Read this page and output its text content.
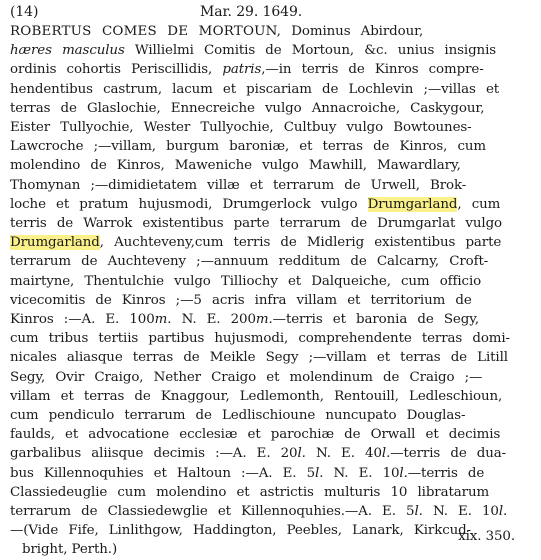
(14)	Mar. 29. 1649.
ROBERTUS COMES DE MORTOUN, Dominus Abirdour,
hæres masculus Willielmi Comitis de Mortoun, &c. unius insignis
ordinis cohortis Periscillidis, patris,—in terris de Kinros compre-
hendentibus castrum, lacum et piscariam de Lochlevin ;—villas et
terras de Glaslochie, Ennecreiche vulgo Annacroiche, Caskygour,
Eister Tullyochie, Wester Tullyochie, Cultbuy vulgo Bowtounes-
Lawcroche ;—villam, burgum baroniæ, et terras de Kinros, cum
molendino de Kinros, Maweniche vulgo Mawhill, Mawardlary,
Thomynan ;—dimidietatem villæ et terrarum de Urwell, Brok-
loche et pratum hujusmodi, Drumgerlock vulgo Drumgarland, cum
terris de Warrok existentibus parte terrarum de Drumgarlat vulgo
Drumgarland, Auchteveny,cum terris de Midlerig existentibus parte
terrarum de Auchteveny ;—annuum redditum de Calcarny, Croft-
mairtyne, Thentulchie vulgo Tilliochy et Dalqueiche, cum officio
vicecomitis de Kinros ;—5 acris infra villam et territorium de
Kinros :—A. E. 100m. N. E. 200m.—terris et baronia de Segy,
cum tribus tertiis partibus hujusmodi, comprehendente terras domi-
nicales aliasque terras de Meikle Segy ;—villam et terras de Litill
Segy, Ovir Craigo, Nether Craigo et molendinum de Craigo ;—
villam et terras de Knaggour, Ledlemonth, Rentouill, Ledleschioun,
cum pendiculo terrarum de Ledlischioune nuncupato Douglas-
faulds, et advocatione ecclesiæ et parochiæ de Orwall et decimis
garbalibus aliisque decimis :—A. E. 20l. N. E. 40l.—terris de dua-
bus Killennoquhies et Haltoun :—A. E. 5l. N. E. 10l.—terris de
Classiedeuglie cum molendino et astrictis multuris 10 libratarum
terrarum de Classiedewglie et Killennoquhies.—A. E. 5l. N. E. 10l.
—(Vide Fife, Linlithgow, Haddington, Peebles, Lanark, Kirkcud-
bright, Perth.)
xix. 350.
